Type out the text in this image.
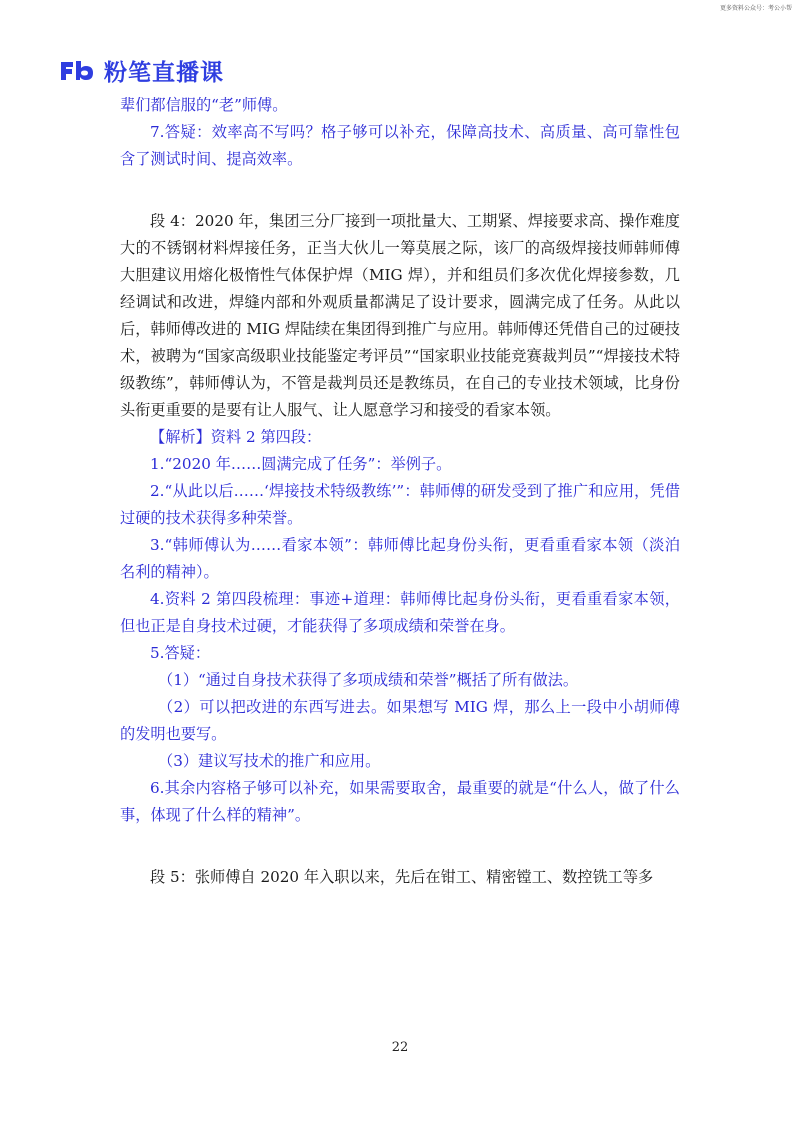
更多资料公众号：考公小帮
粉笔直播课

辈们都信服的“老”师傅。

7.答疑：效率高不写吗？格子够可以补充，保障高技术、高质量、高可靠性包含了测试时间、提高效率。

段 4：2020 年，集团三分厂接到一项批量大、工期紧、焊接要求高、操作难度大的不锈钢材料焊接任务，正当大伙儿一筹莫展之际，该厂的高级焊接技师韩师傅大胆建议用熔化极惰性气体保护焊（MIG 焊），并和组员们多次优化焊接参数，几经调试和改进，焊缝内部和外观质量都满足了设计要求，圆满完成了任务。从此以后，韩师傅改进的 MIG 焊陆续在集团得到推广与应用。韩师傅还凭借自己的过硬技术，被聘为“国家高级职业技能鉴定考评员”“国家职业技能竞赛裁判员”“焊接技术特级教练”，韩师傅认为，不管是裁判员还是教练员，在自己的专业技术领域，比身份头衔更重要的是要有让人服气、让人愿意学习和接受的看家本领。

【解析】资料 2 第四段：

1.“2020 年……圆满完成了任务”：举例子。

2.“从此以后……‘焊接技术特级教练’”：韩师傅的研发受到了推广和应用，凭借过硬的技术获得多种荣誉。

3.“韩师傅认为……看家本领”：韩师傅比起身份头衔，更看重看家本领（淡泊名利的精神）。

4.资料 2 第四段梳理：事迹+道理：韩师傅比起身份头衔，更看重看家本领，但也正是自身技术过硬，才能获得了多项成绩和荣誉在身。

5.答疑：

（1）“通过自身技术获得了多项成绩和荣誉”概括了所有做法。

（2）可以把改进的东西写进去。如果想写 MIG 焊，那么上一段中小胡师傅的发明也要写。

（3）建议写技术的推广和应用。

6.其余内容格子够可以补充，如果需要取舍，最重要的就是“什么人，做了什么事，体现了什么样的精神”。

段 5：张师傅自 2020 年入职以来，先后在钳工、精密镗工、数控铣工等多

22
